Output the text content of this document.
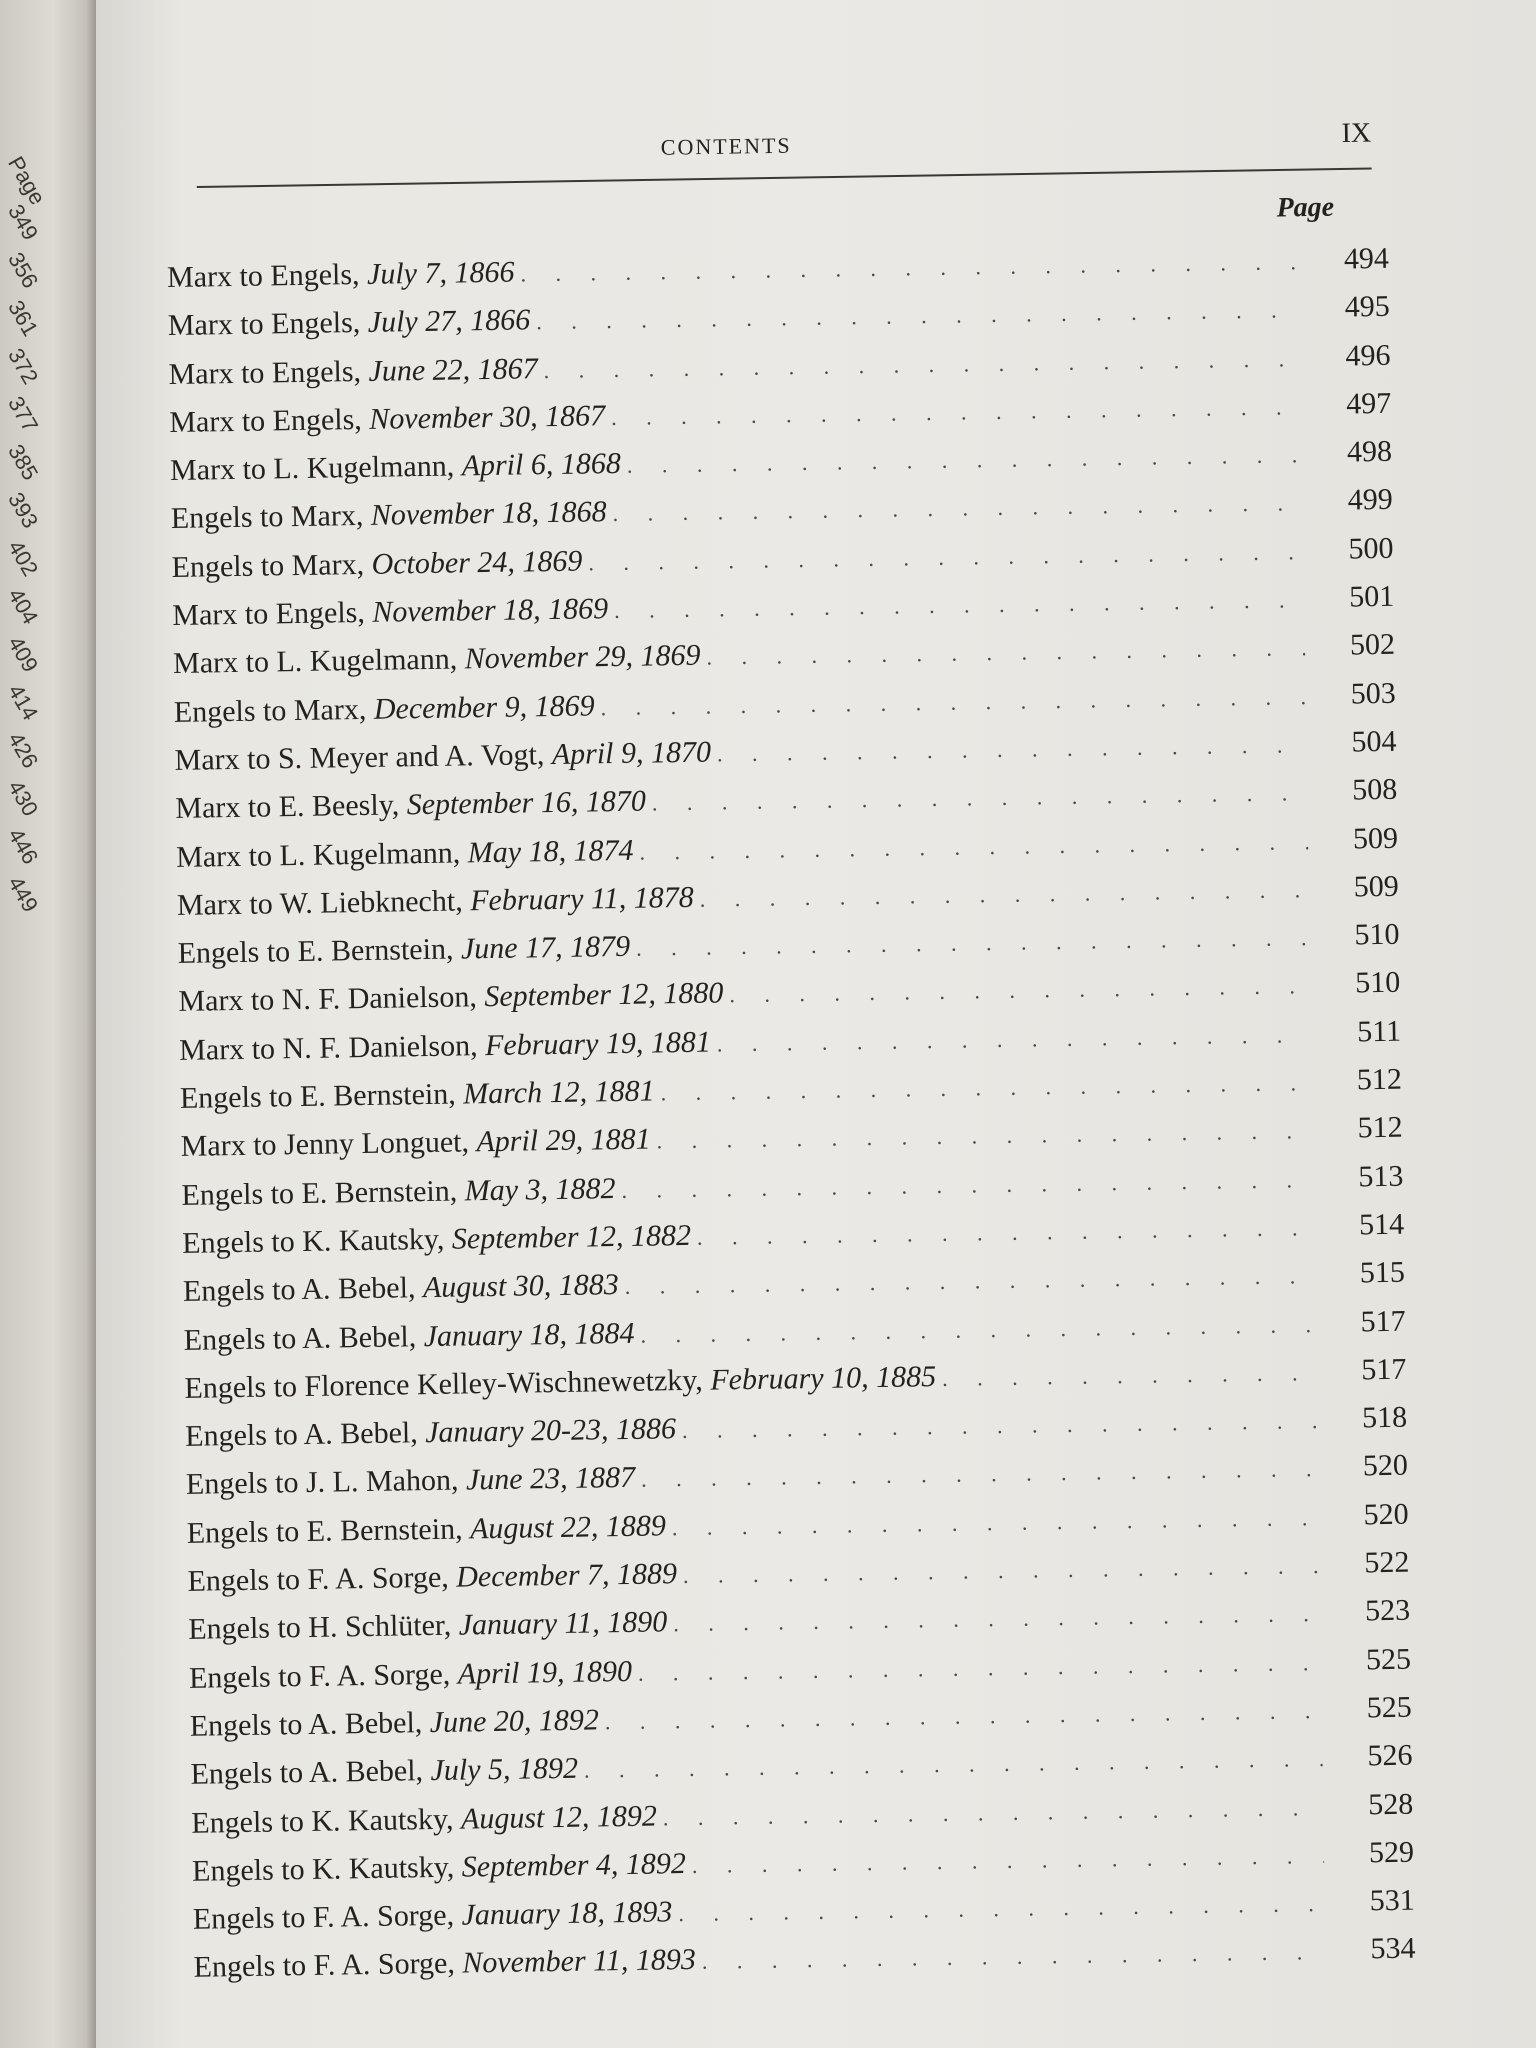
Page
349
356
361
372
377
385
393
402
404
409
414
426
430
446
449
CONTENTS	IX
Page
Marx to Engels, July 7, 1866 . . .	494
Marx to Engels, July 27, 1866 . . .	495
Marx to Engels, June 22, 1867 . . .	496
Marx to Engels, November 30, 1867 . . .	497
Marx to L. Kugelmann, April 6, 1868 . . .	498
Engels to Marx, November 18, 1868 . . .	499
Engels to Marx, October 24, 1869 . . .	500
Marx to Engels, November 18, 1869 . . .	501
Marx to L. Kugelmann, November 29, 1869 . . .	502
Engels to Marx, December 9, 1869 . . .	503
Marx to S. Meyer and A. Vogt, April 9, 1870 . . .	504
Marx to E. Beesly, September 16, 1870 . . .	508
Marx to L. Kugelmann, May 18, 1874 . . .	509
Marx to W. Liebknecht, February 11, 1878 . . .	509
Engels to E. Bernstein, June 17, 1879 . . .	510
Marx to N. F. Danielson, September 12, 1880 . . .	510
Marx to N. F. Danielson, February 19, 1881 . . .	511
Engels to E. Bernstein, March 12, 1881 . . .	512
Marx to Jenny Longuet, April 29, 1881 . . .	512
Engels to E. Bernstein, May 3, 1882 . . .	513
Engels to K. Kautsky, September 12, 1882 . . .	514
Engels to A. Bebel, August 30, 1883 . . .	515
Engels to A. Bebel, January 18, 1884 . . .	517
Engels to Florence Kelley-Wischnewetzky, February 10, 1885 . . .	517
Engels to A. Bebel, January 20-23, 1886 . . .	518
Engels to J. L. Mahon, June 23, 1887 . . .	520
Engels to E. Bernstein, August 22, 1889 . . .	520
Engels to F. A. Sorge, December 7, 1889 . . .	522
Engels to H. Schlüter, January 11, 1890 . . .	523
Engels to F. A. Sorge, April 19, 1890 . . .	525
Engels to A. Bebel, June 20, 1892 . . .	525
Engels to A. Bebel, July 5, 1892 . . .	526
Engels to K. Kautsky, August 12, 1892 . . .	528
Engels to K. Kautsky, September 4, 1892 . . .	529
Engels to F. A. Sorge, January 18, 1893 . . .	531
Engels to F. A. Sorge, November 11, 1893 . . .	534
